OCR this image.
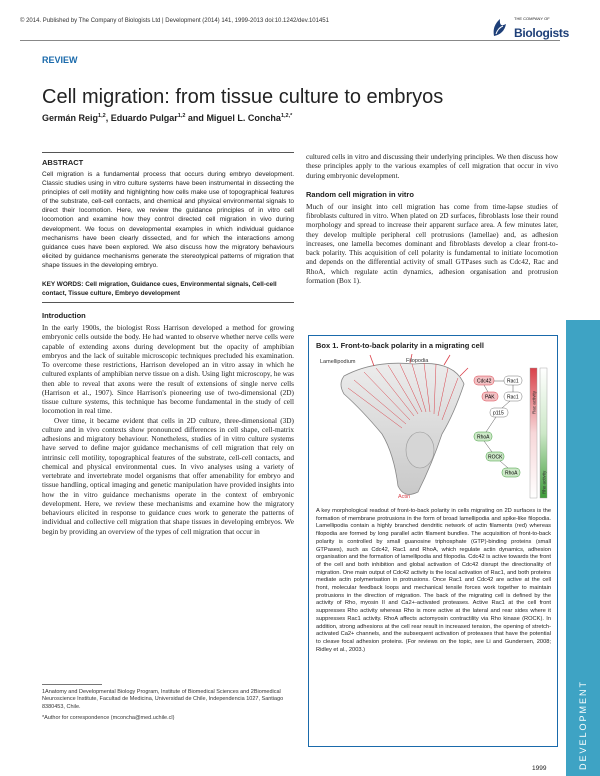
© 2014. Published by The Company of Biologists Ltd | Development (2014) 141, 1999-2013 doi:10.1242/dev.101451	THE COMPANY OF
Biologists
REVIEW
Cell migration: from tissue culture to embryos
Germán Reig$^{1,2}$, Eduardo Pulgar$^{1,2}$ and Miguel L. Concha$^{1,2,*}$
ABSTRACT

Cell migration is a fundamental process that occurs during embryo development. Classic studies using in vitro culture systems have been instrumental in dissecting the principles of cell motility and highlighting how cells make use of topographical features of the substrate, cell-cell contacts, and chemical and physical environmental signals to direct their locomotion. Here, we review the guidance principles of in vitro cell locomotion and examine how they control directed cell migration in vivo during development. We focus on developmental examples in which individual guidance mechanisms have been clearly dissected, and for which the interactions among guidance cues have been explored. We also discuss how the migratory behaviours elicited by guidance mechanisms generate the stereotypical patterns of migration that shape tissues in the developing embryo.

KEY WORDS: Cell migration, Guidance cues, Environmental signals, Cell-cell contact, Tissue culture, Embryo development
Introduction

In the early 1900s, the biologist Ross Harrison developed a method for growing embryonic cells outside the body. He had wanted to observe whether nerve cells were capable of extending axons during development but the opacity of amphibian embryos and the lack of suitable microscopic techniques precluded his examination. To overcome these restrictions, Harrison developed an in vitro assay in which he cultured explants of amphibian nerve tissue on a dish. Using light microscopy, he was then able to reveal that axons were the result of extensions of single nerve cells (Harrison et al., 1907). Since Harrison's pioneering use of two-dimensional (2D) tissue culture systems, this technique has become fundamental in the study of cell locomotion in real time.

Over time, it became evident that cells in 2D culture, three-dimensional (3D) culture and in vivo contexts show pronounced differences in cell shape, cell-matrix adhesions and migratory behaviour. Nonetheless, studies of in vitro culture systems have served to define major guidance mechanisms of cell migration that rely on intrinsic cell motility, topographical features of the substrate, cell-cell contacts, and chemical and physical environmental cues. In vivo analyses using a variety of vertebrate and invertebrate model organisms that offer amenability for embryo and tissue handling, optical imaging and genetic manipulation have provided insights into how the in vitro guidance mechanisms operate in the context of embryonic development. Here, we review these mechanisms and examine how the migratory behaviours elicited in response to guidance cues work to generate the patterns of individual and collective cell migration that shape tissues in developing embryos. We begin by providing an overview of the types of cell migration that occur in

1Anatomy and Developmental Biology Program, Institute of Biomedical Sciences and 2Biomedical Neuroscience Institute, Facultad de Medicina, Universidad de Chile, Independencia 1027, Santiago 8380453, Chile.
*Author for correspondence (mconcha@med.uchile.cl)

cultured cells in vitro and discussing their underlying principles. We then discuss how these principles apply to the various examples of cell migration that occur in vivo during embryonic development.

Random cell migration in vitro

Much of our insight into cell migration has come from time-lapse studies of fibroblasts cultured in vitro. When plated on 2D surfaces, fibroblasts lose their round morphology and spread to increase their apparent surface area. A few minutes later, they develop multiple peripheral cell protrusions (lamellae) and, as adhesion increases, one lamella becomes dominant and fibroblasts develop a clear front-to-back polarity. This acquisition of cell polarity is fundamental to initiate locomotion and depends on the differential activity of small GTPases such as Cdc42, Rac and RhoA, which regulate actin dynamics, adhesion organisation and protrusion formation (Box 1).

Box 1. Front-to-back polarity in a migrating cell
Actin
Lamellipodium	Filopodia
Cdc42	Rac1
PAK Rac1
p115
RhoA
ROCK
RhoA
Rac activity
Rho activity
A key morphological readout of front-to-back polarity in cells migrating on 2D surfaces is the formation of membrane protrusions in the form of broad lamellipodia and spike-like filopodia. Lamellipodia contain a highly branched dendritic network of actin filaments (red) whereas filopodia are formed by long parallel actin filament bundles. The acquisition of front-to-back polarity is controlled by small guanosine triphosphate (GTP)-binding proteins (small GTPases), such as Cdc42, Rac1 and RhoA, which regulate actin dynamics, adhesion organisation and the formation of lamellipodia and filopodia. Cdc42 is active towards the front of the cell and both inhibition and global activation of Cdc42 disrupt the directionality of migration. One main output of Cdc42 activity is the local activation of Rac1, and both proteins mediate actin polymerisation in protrusions. Once Rac1 and Cdc42 are active at the cell front, molecular feedback loops and mechanical tensile forces work together to maintain protrusions in the direction of migration. The back of the migrating cell is defined by the activity of Rho, myosin II and Ca2+-activated proteases. Active Rac1 at the cell front suppresses Rho activity whereas Rho is more active at the lateral and rear sides where it suppresses Rac1 activity. RhoA affects actomyosin contractility via Rho kinase (ROCK). In addition, strong adhesions at the cell rear result in increased tension, the opening of stretch-activated Ca2+ channels, and the subsequent activation of proteases that have the potential to cleave focal adhesion proteins. (For reviews on the topic, see Li and Gundersen, 2008; Ridley et al., 2003.)
DEVELOPMENT
1999
